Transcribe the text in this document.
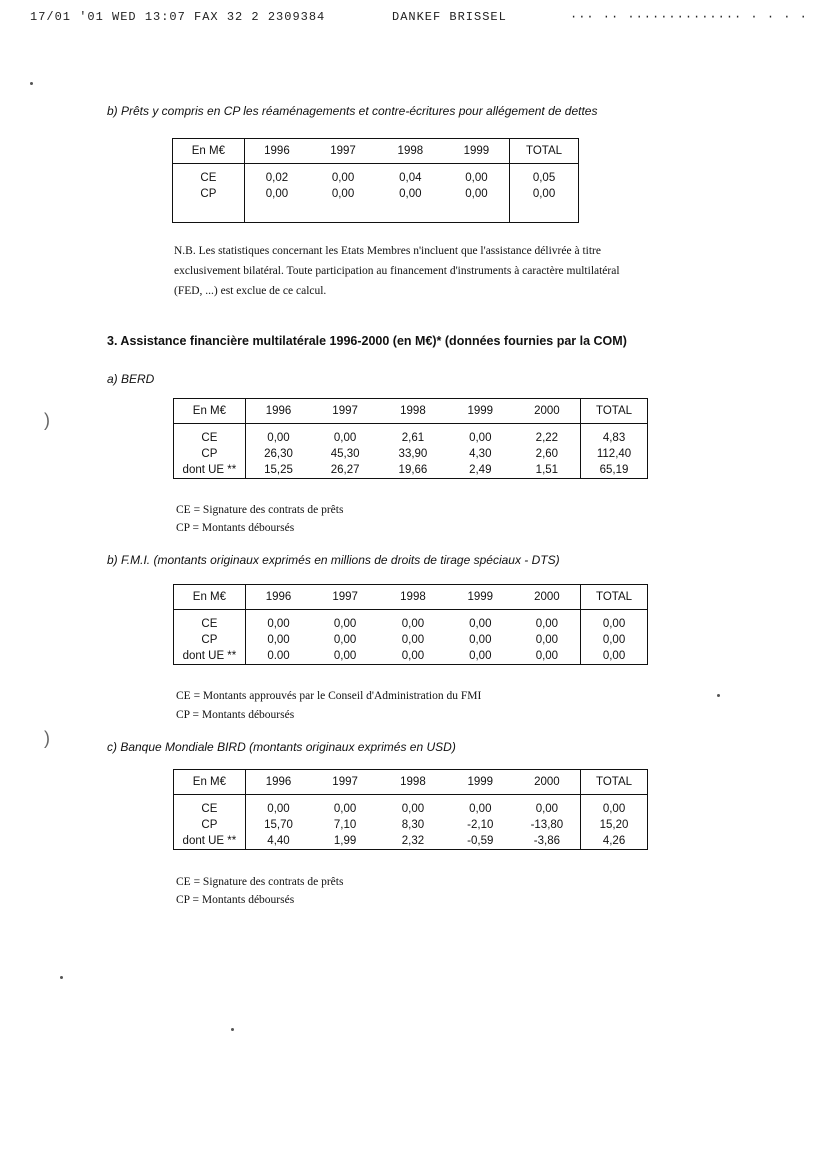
17/01 '01 WED 13:07 FAX 32 2 2309384	DANKEF BRISSEL	··· ·· ·············· · · · ·
b) Prêts y compris en CP les réaménagements et contre-écritures pour allégement de dettes
En M€	1996	1997	1998	1999	TOTAL

CE	0,02	0,00	0,04	0,00	0,05
CP	0,00	0,00	0,00	0,00	0,00

N.B. Les statistiques concernant les Etats Membres n'incluent que l'assistance délivrée à titre
exclusivement bilatéral. Toute participation au financement d'instruments à caractère multilatéral
(FED, ...) est exclue de ce calcul.
3. Assistance financière multilatérale 1996-2000 (en M€)* (données fournies par la COM)
a) BERD
En M€	1996	1997	1998	1999	2000	TOTAL

CE	0,00	0,00	2,61	0,00	2,22	4,83
CP	26,30	45,30	33,90	4,30	2,60	112,40
dont UE **	15,25	26,27	19,66	2,49	1,51	65,19
CE = Signature des contrats de prêts
CP = Montants déboursés
b) F.M.I. (montants originaux exprimés en millions de droits de tirage spéciaux - DTS)
En M€	1996	1997	1998	1999	2000	TOTAL

CE	0,00	0,00	0,00	0,00	0,00	0,00
CP	0,00	0,00	0,00	0,00	0,00	0,00
dont UE **	0.00	0,00	0,00	0,00	0,00	0,00
CE = Montants approuvés par le Conseil d'Administration du FMI
CP = Montants déboursés
c) Banque Mondiale BIRD (montants originaux exprimés en USD)
En M€	1996	1997	1998	1999	2000	TOTAL

CE	0,00	0,00	0,00	0,00	0,00	0,00
CP	15,70	7,10	8,30	-2,10	-13,80	15,20
dont UE **	4,40	1,99	2,32	-0,59	-3,86	4,26
CE = Signature des contrats de prêts
CP = Montants déboursés
)
)
